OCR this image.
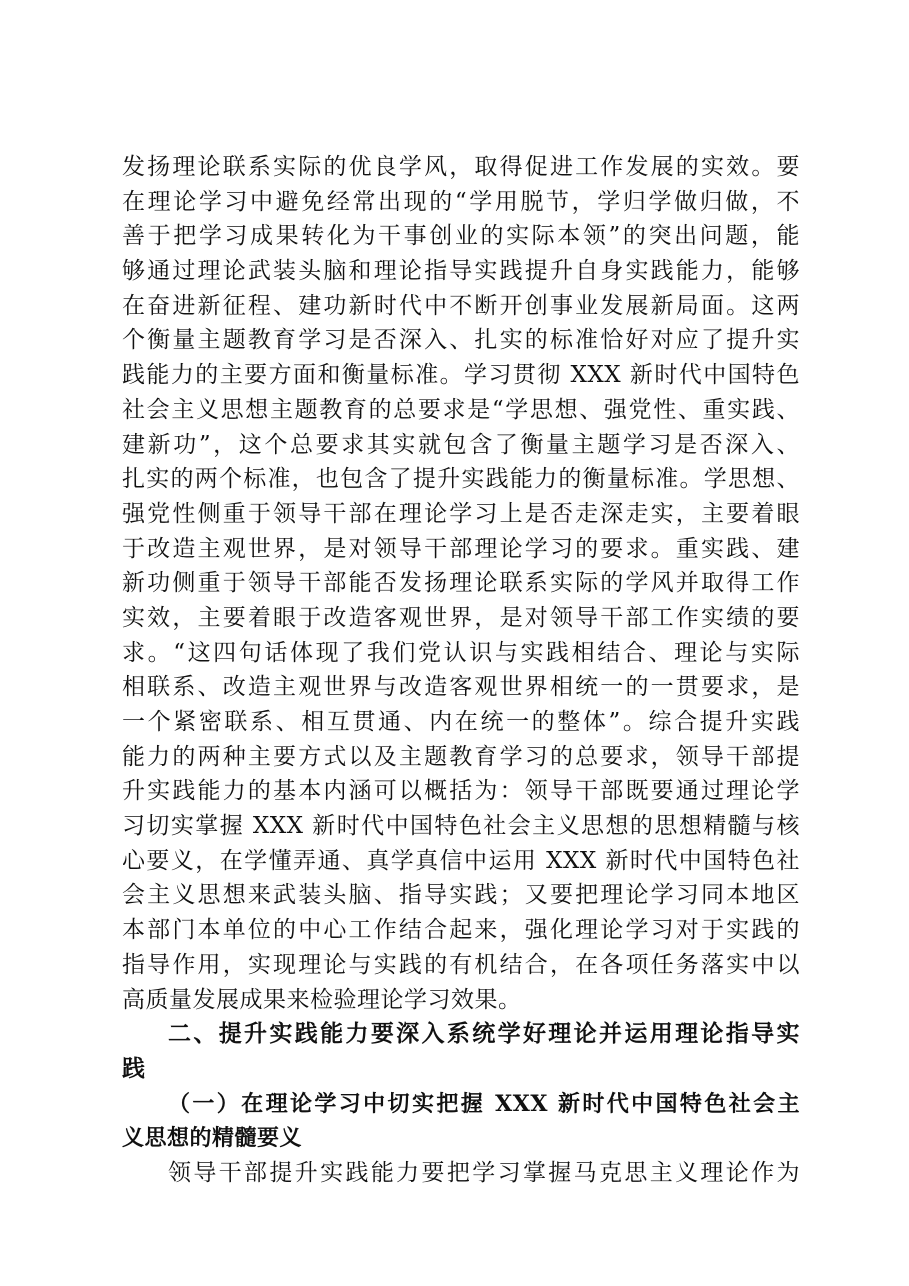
发扬理论联系实际的优良学风，取得促进工作发展的实效。要
在理论学习中避免经常出现的“学用脱节，学归学做归做，不
善于把学习成果转化为干事创业的实际本领”的突出问题，能
够通过理论武装头脑和理论指导实践提升自身实践能力，能够
在奋进新征程、建功新时代中不断开创事业发展新局面。这两
个衡量主题教育学习是否深入、扎实的标准恰好对应了提升实
践能力的主要方面和衡量标准。学习贯彻 XXX 新时代中国特色
社会主义思想主题教育的总要求是“学思想、强党性、重实践、
建新功”，这个总要求其实就包含了衡量主题学习是否深入、
扎实的两个标准，也包含了提升实践能力的衡量标准。学思想、
强党性侧重于领导干部在理论学习上是否走深走实，主要着眼
于改造主观世界，是对领导干部理论学习的要求。重实践、建
新功侧重于领导干部能否发扬理论联系实际的学风并取得工作
实效，主要着眼于改造客观世界，是对领导干部工作实绩的要
求。“这四句话体现了我们党认识与实践相结合、理论与实际
相联系、改造主观世界与改造客观世界相统一的一贯要求，是
一个紧密联系、相互贯通、内在统一的整体”。综合提升实践
能力的两种主要方式以及主题教育学习的总要求，领导干部提
升实践能力的基本内涵可以概括为：领导干部既要通过理论学
习切实掌握 XXX 新时代中国特色社会主义思想的思想精髓与核
心要义，在学懂弄通、真学真信中运用 XXX 新时代中国特色社
会主义思想来武装头脑、指导实践；又要把理论学习同本地区
本部门本单位的中心工作结合起来，强化理论学习对于实践的
指导作用，实现理论与实践的有机结合，在各项任务落实中以
高质量发展成果来检验理论学习效果。
二、提升实践能力要深入系统学好理论并运用理论指导实
践
（一）在理论学习中切实把握 XXX 新时代中国特色社会主
义思想的精髓要义
领导干部提升实践能力要把学习掌握马克思主义理论作为
